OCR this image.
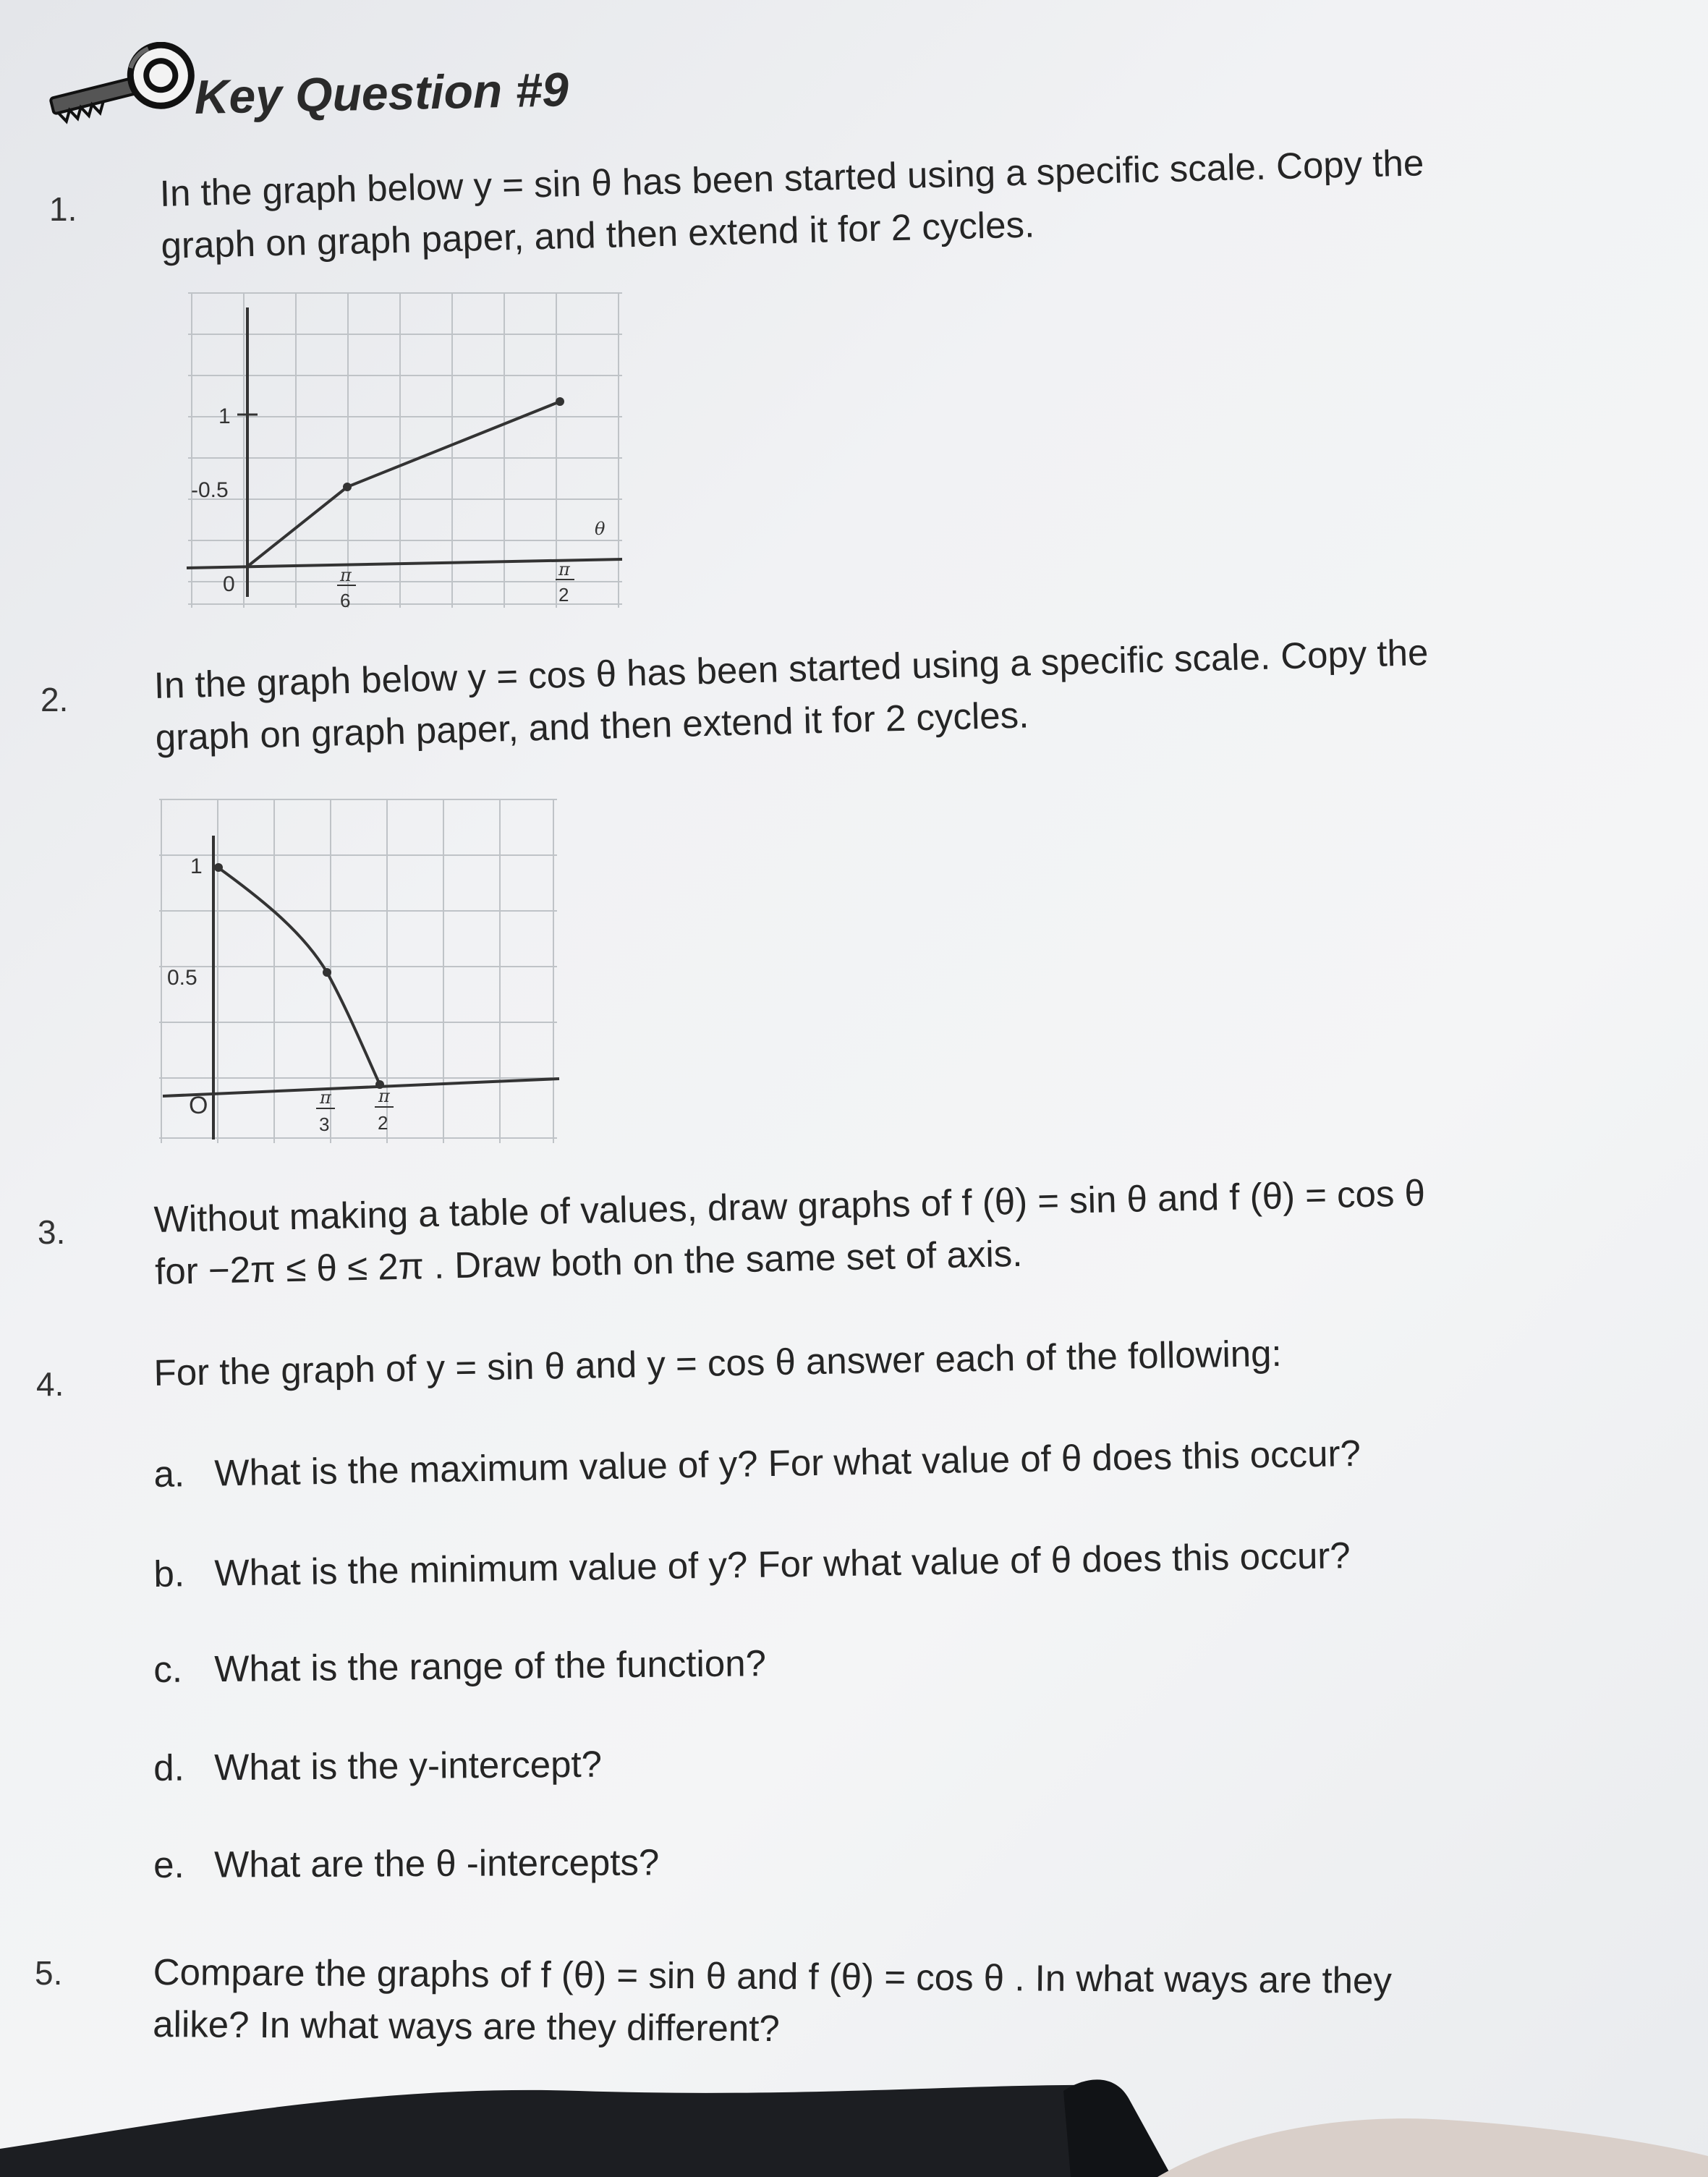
Key Question #9
1. In the graph below y = sin θ has been started using a specific scale. Copy the
graph on graph paper, and then extend it for 2 cycles.
1
-0.5
0
θ
π
6
π
2
2. In the graph below y = cos θ has been started using a specific scale. Copy the
graph on graph paper, and then extend it for 2 cycles.
1
0.5
O	π
3
π
2
3. Without making a table of values, draw graphs of f (θ) = sin θ and f (θ) = cos θ
for −2π ≤ θ ≤ 2π . Draw both on the same set of axis.
4. For the graph of y = sin θ and y = cos θ answer each of the following:
a. What is the maximum value of y? For what value of θ does this occur?
b. What is the minimum value of y? For what value of θ does this occur?
c. What is the range of the function?
d. What is the y-intercept?
e. What are the θ -intercepts?
5. Compare the graphs of f (θ) = sin θ and f (θ) = cos θ . In what ways are they
alike? In what ways are they different?
